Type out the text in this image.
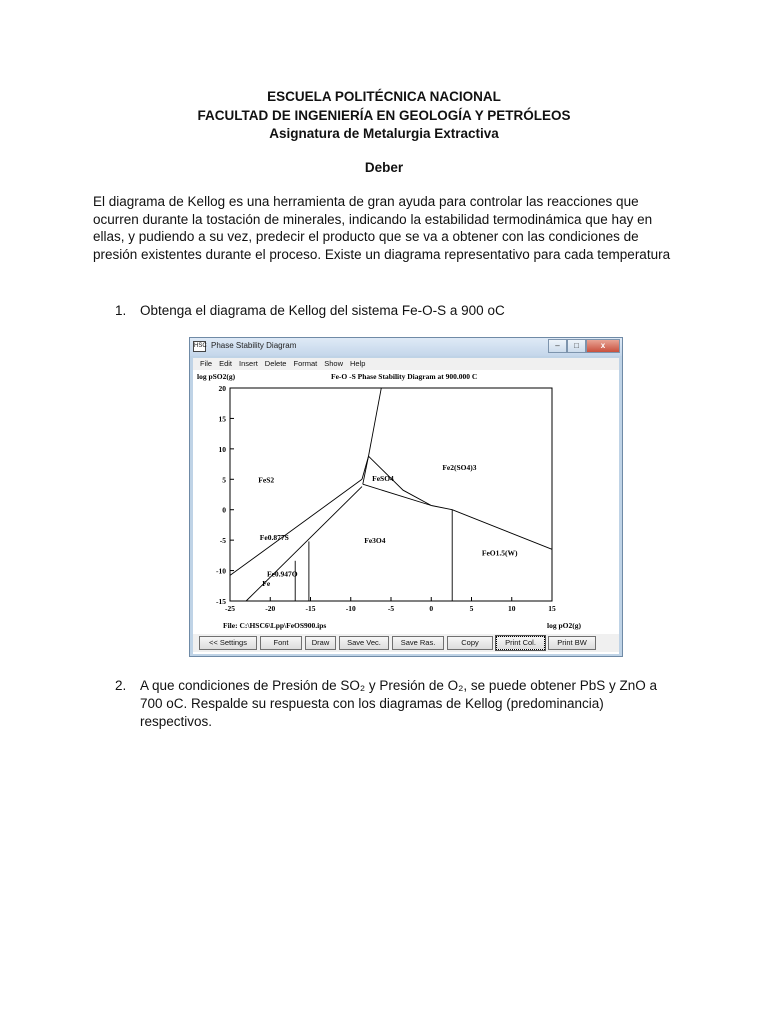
ESCUELA POLITÉCNICA NACIONAL
FACULTAD DE INGENIERÍA EN GEOLOGÍA Y PETRÓLEOS
Asignatura de Metalurgia Extractiva
Deber
El diagrama de Kellog es una herramienta de gran ayuda para controlar las reacciones que ocurren durante la tostación de minerales, indicando la estabilidad termodinámica que hay en ellas, y pudiendo a su vez, predecir el producto que se va a obtener con las condiciones de presión existentes durante el proceso. Existe un diagrama representativo para cada temperatura
1. Obtenga el diagrama de Kellog del sistema Fe-O-S a 900 oC
HSC Phase Stability Diagram	‒	□	x
File Edit Insert Delete Format Show Help
log pSO2(g)	Fe-O -S Phase Stability Diagram at 900.000 C
-25	-20	-15	-10	-5	0	5	10	15
-15
-10
-5
0
5
10
15
20
FeS2	FeSO4
Fe2(SO4)3
Fe3O4
FeO1.5(W)
Fe0.877S
Fe0.947O
Fe
File: C:\HSC6\Lpp\FeOS900.ips	log pO2(g)
<< Settings	Font	Draw	Save Vec.	Save Ras.	Copy	Print Col.	Print BW
2. A que condiciones de Presión de SO₂ y Presión de O₂, se puede obtener PbS y ZnO a 700 oC. Respalde su respuesta con los diagramas de Kellog (predominancia) respectivos.
